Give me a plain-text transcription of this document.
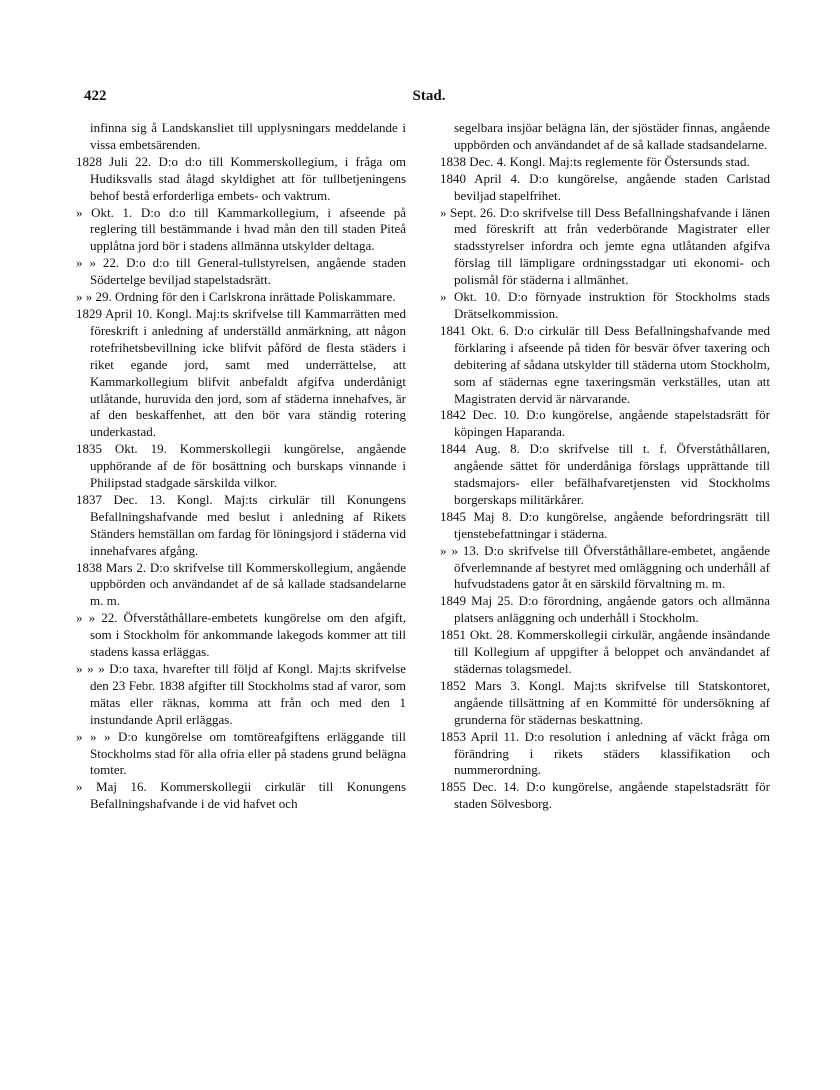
422	Stad.

infinna sig å Landskansliet till upplysningars meddelande i vissa embetsärenden.

1828 Juli 22. D:o d:o till Kommerskollegium, i fråga om Hudiksvalls stad ålagd skyldighet att för tullbetjeningens behof bestå erforderliga embets- och vaktrum.

» Okt. 1. D:o d:o till Kammarkollegium, i afseende på reglering till bestämmande i hvad mån den till staden Piteå upplåtna jord bör i stadens allmänna utskylder deltaga.

» » 22. D:o d:o till General-tullstyrelsen, angående staden Södertelge beviljad stapelstadsrätt.

» » 29. Ordning för den i Carlskrona inrättade Poliskammare.

1829 April 10. Kongl. Maj:ts skrifvelse till Kammarrätten med föreskrift i anledning af underställd anmärkning, att någon rotefrihetsbevillning icke blifvit påförd de flesta städers i riket egande jord, samt med underrättelse, att Kammarkollegium blifvit anbefaldt afgifva underdånigt utlåtande, huruvida den jord, som af städerna innehafves, är af den beskaffenhet, att den bör vara ständig rotering underkastad.

1835 Okt. 19. Kommerskollegii kungörelse, angående upphörande af de för bosättning och burskaps vinnande i Philipstad stadgade särskilda vilkor.

1837 Dec. 13. Kongl. Maj:ts cirkulär till Konungens Befallningshafvande med beslut i anledning af Rikets Ständers hemställan om fardag för löningsjord i städerna vid innehafvares afgång.

1838 Mars 2. D:o skrifvelse till Kommerskollegium, angående uppbörden och användandet af de så kallade stadsandelarne m. m.

» » 22. Öfverståthållare-embetets kungörelse om den afgift, som i Stockholm för ankommande lakegods kommer att till stadens kassa erläggas.

» » » D:o taxa, hvarefter till följd af Kongl. Maj:ts skrifvelse den 23 Febr. 1838 afgifter till Stockholms stad af varor, som mätas eller räknas, komma att från och med den 1 instundande April erläggas.

» » » D:o kungörelse om tomtöreafgiftens erläggande till Stockholms stad för alla ofria eller på stadens grund belägna tomter.

» Maj 16. Kommerskollegii cirkulär till Konungens Befallningshafvande i de vid hafvet och

segelbara insjöar belägna län, der sjöstäder finnas, angående uppbörden och användandet af de så kallade stadsandelarne.

1838 Dec. 4. Kongl. Maj:ts reglemente för Östersunds stad.

1840 April 4. D:o kungörelse, angående staden Carlstad beviljad stapelfrihet.

» Sept. 26. D:o skrifvelse till Dess Befallningshafvande i länen med föreskrift att från vederbörande Magistrater eller stadsstyrelser infordra och jemte egna utlåtanden afgifva förslag till lämpligare ordningsstadgar uti ekonomi- och polismål för städerna i allmänhet.

» Okt. 10. D:o förnyade instruktion för Stockholms stads Drätselkommission.

1841 Okt. 6. D:o cirkulär till Dess Befallningshafvande med förklaring i afseende på tiden för besvär öfver taxering och debitering af sådana utskylder till städerna utom Stockholm, som af städernas egne taxeringsmän verkställes, utan att Magistraten dervid är närvarande.

1842 Dec. 10. D:o kungörelse, angående stapelstadsrätt för köpingen Haparanda.

1844 Aug. 8. D:o skrifvelse till t. f. Öfverståthållaren, angående sättet för underdåniga förslags upprättande till stadsmajors- eller befälhafvaretjensten vid Stockholms borgerskaps militärkårer.

1845 Maj 8. D:o kungörelse, angående befordringsrätt till tjenstebefattningar i städerna.

» » 13. D:o skrifvelse till Öfverståthållare-embetet, angående öfverlemnande af bestyret med omläggning och underhåll af hufvudstadens gator åt en särskild förvaltning m. m.

1849 Maj 25. D:o förordning, angående gators och allmänna platsers anläggning och underhåll i Stockholm.

1851 Okt. 28. Kommerskollegii cirkulär, angående insändande till Kollegium af uppgifter å beloppet och användandet af städernas tolagsmedel.

1852 Mars 3. Kongl. Maj:ts skrifvelse till Statskontoret, angående tillsättning af en Kommitté för undersökning af grunderna för städernas beskattning.

1853 April 11. D:o resolution i anledning af väckt fråga om förändring i rikets städers klassifikation och nummerordning.

1855 Dec. 14. D:o kungörelse, angående stapelstadsrätt för staden Sölvesborg.
